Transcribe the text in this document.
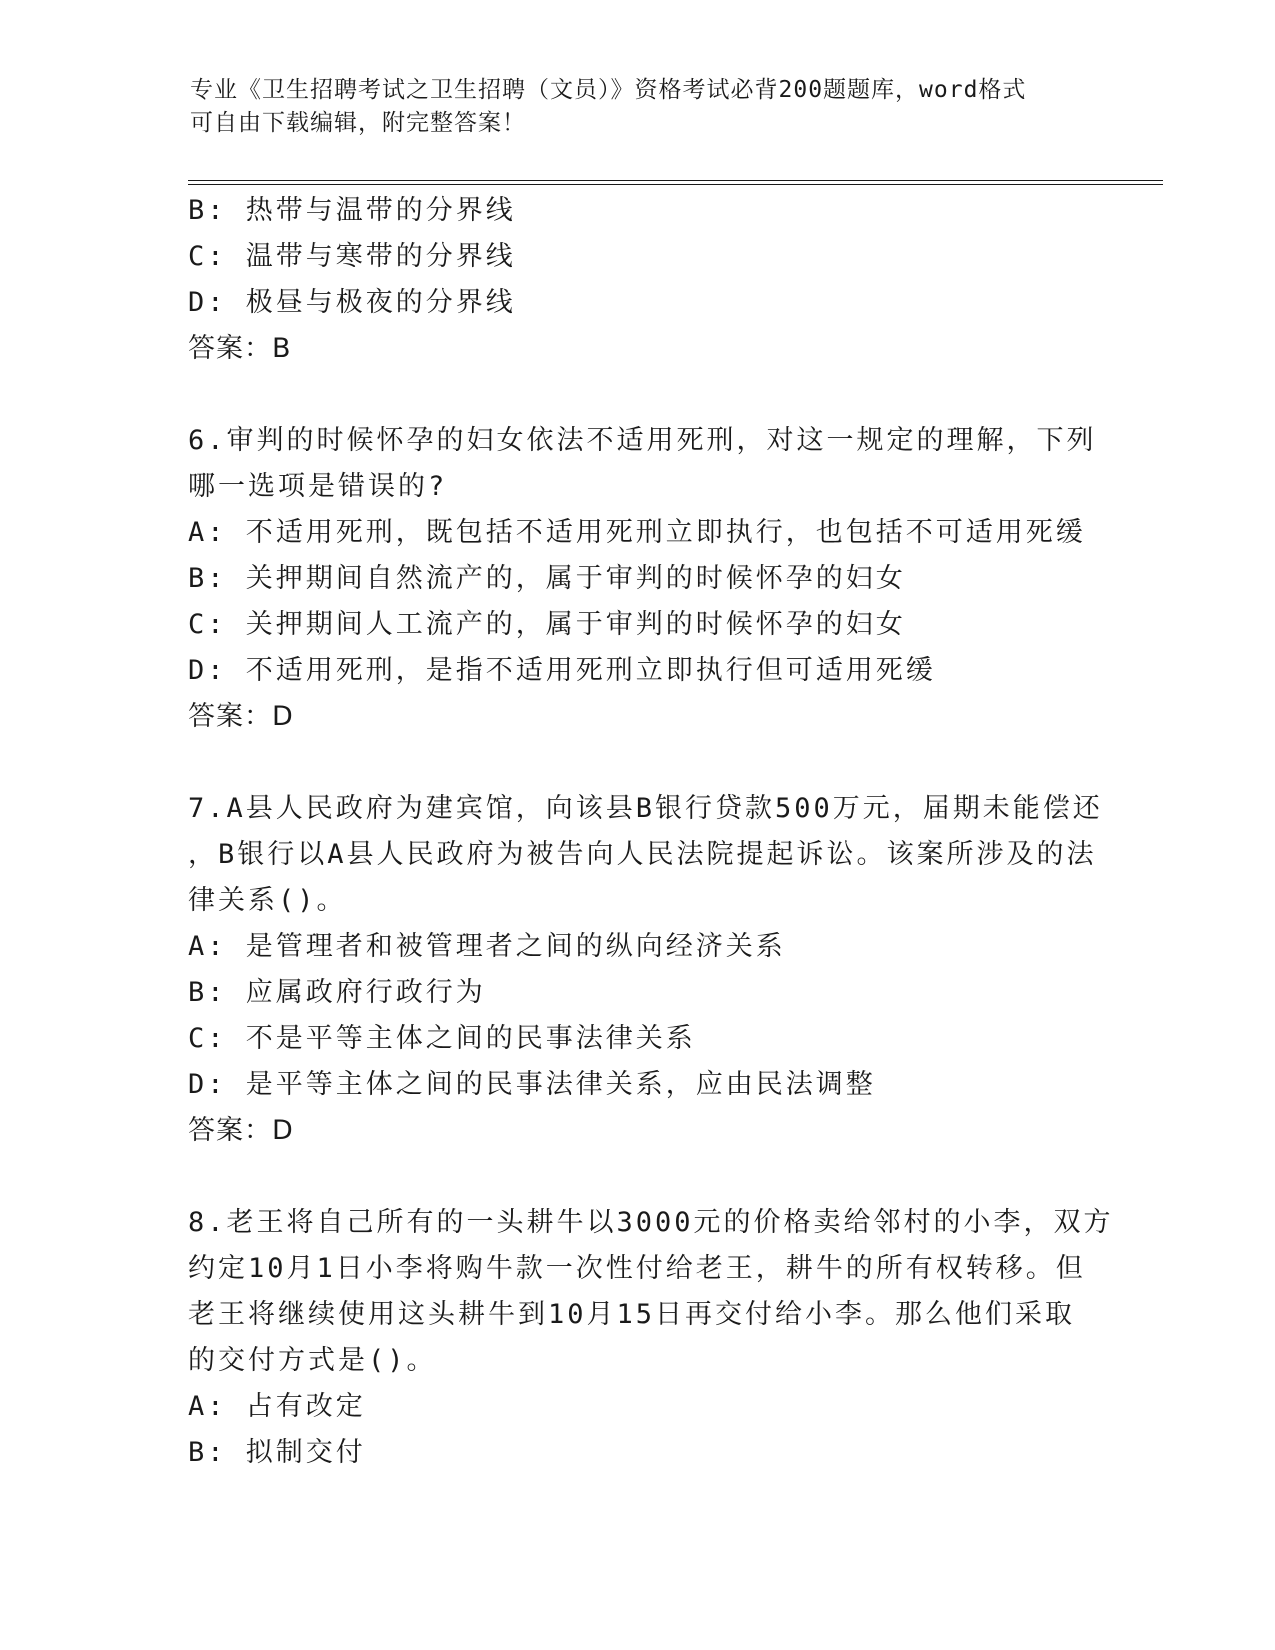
专业《卫生招聘考试之卫生招聘（文员）》资格考试必背200题题库，word格式
可自由下载编辑，附完整答案！
B: 热带与温带的分界线
C: 温带与寒带的分界线
D: 极昼与极夜的分界线
答案：B
6.审判的时候怀孕的妇女依法不适用死刑，对这一规定的理解，下列
哪一选项是错误的?
A: 不适用死刑，既包括不适用死刑立即执行，也包括不可适用死缓
B: 关押期间自然流产的，属于审判的时候怀孕的妇女
C: 关押期间人工流产的，属于审判的时候怀孕的妇女
D: 不适用死刑，是指不适用死刑立即执行但可适用死缓
答案：D
7.A县人民政府为建宾馆，向该县B银行贷款500万元，届期未能偿还
，B银行以A县人民政府为被告向人民法院提起诉讼。该案所涉及的法
律关系()。
A: 是管理者和被管理者之间的纵向经济关系
B: 应属政府行政行为
C: 不是平等主体之间的民事法律关系
D: 是平等主体之间的民事法律关系，应由民法调整
答案：D
8.老王将自己所有的一头耕牛以3000元的价格卖给邻村的小李，双方
约定10月1日小李将购牛款一次性付给老王，耕牛的所有权转移。但
老王将继续使用这头耕牛到10月15日再交付给小李。那么他们采取
的交付方式是()。
A: 占有改定
B: 拟制交付
